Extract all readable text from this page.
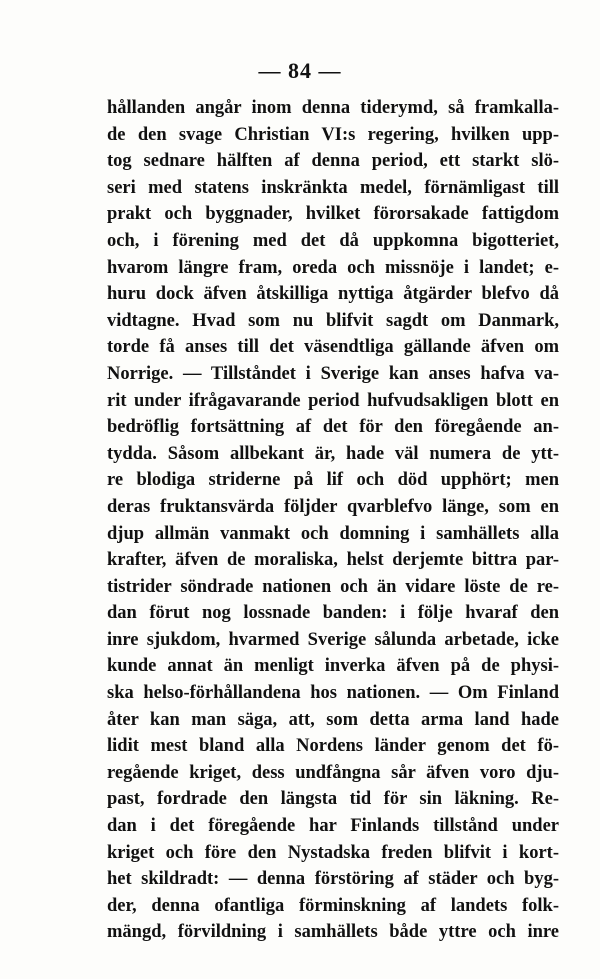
— 84 —
hållanden angår inom denna tiderymd, så framkalla-
de den svage Christian VI:s regering, hvilken upp-
tog sednare hälften af denna period, ett starkt slö-
seri med statens inskränkta medel, förnämligast till
prakt och byggnader, hvilket förorsakade fattigdom
och, i förening med det då uppkomna bigotteriet,
hvarom längre fram, oreda och missnöje i landet; e-
huru dock äfven åtskilliga nyttiga åtgärder blefvo då
vidtagne. Hvad som nu blifvit sagdt om Danmark,
torde få anses till det väsendtliga gällande äfven om
Norrige. — Tillståndet i Sverige kan anses hafva va-
rit under ifrågavarande period hufvudsakligen blott en
bedröflig fortsättning af det för den föregående an-
tydda. Såsom allbekant är, hade väl numera de ytt-
re blodiga striderne på lif och död upphört; men
deras fruktansvärda följder qvarblefvo länge, som en
djup allmän vanmakt och domning i samhällets alla
krafter, äfven de moraliska, helst derjemte bittra par-
tistrider söndrade nationen och än vidare löste de re-
dan förut nog lossnade banden: i följe hvaraf den
inre sjukdom, hvarmed Sverige sålunda arbetade, icke
kunde annat än menligt inverka äfven på de physi-
ska helso-förhållandena hos nationen. — Om Finland
åter kan man säga, att, som detta arma land hade
lidit mest bland alla Nordens länder genom det fö-
regående kriget, dess undfångna sår äfven voro dju-
past, fordrade den längsta tid för sin läkning. Re-
dan i det föregående har Finlands tillstånd under
kriget och före den Nystadska freden blifvit i kort-
het skildradt: — denna förstöring af städer och byg-
der, denna ofantliga förminskning af landets folk-
mängd, förvildning i samhällets både yttre och inre
